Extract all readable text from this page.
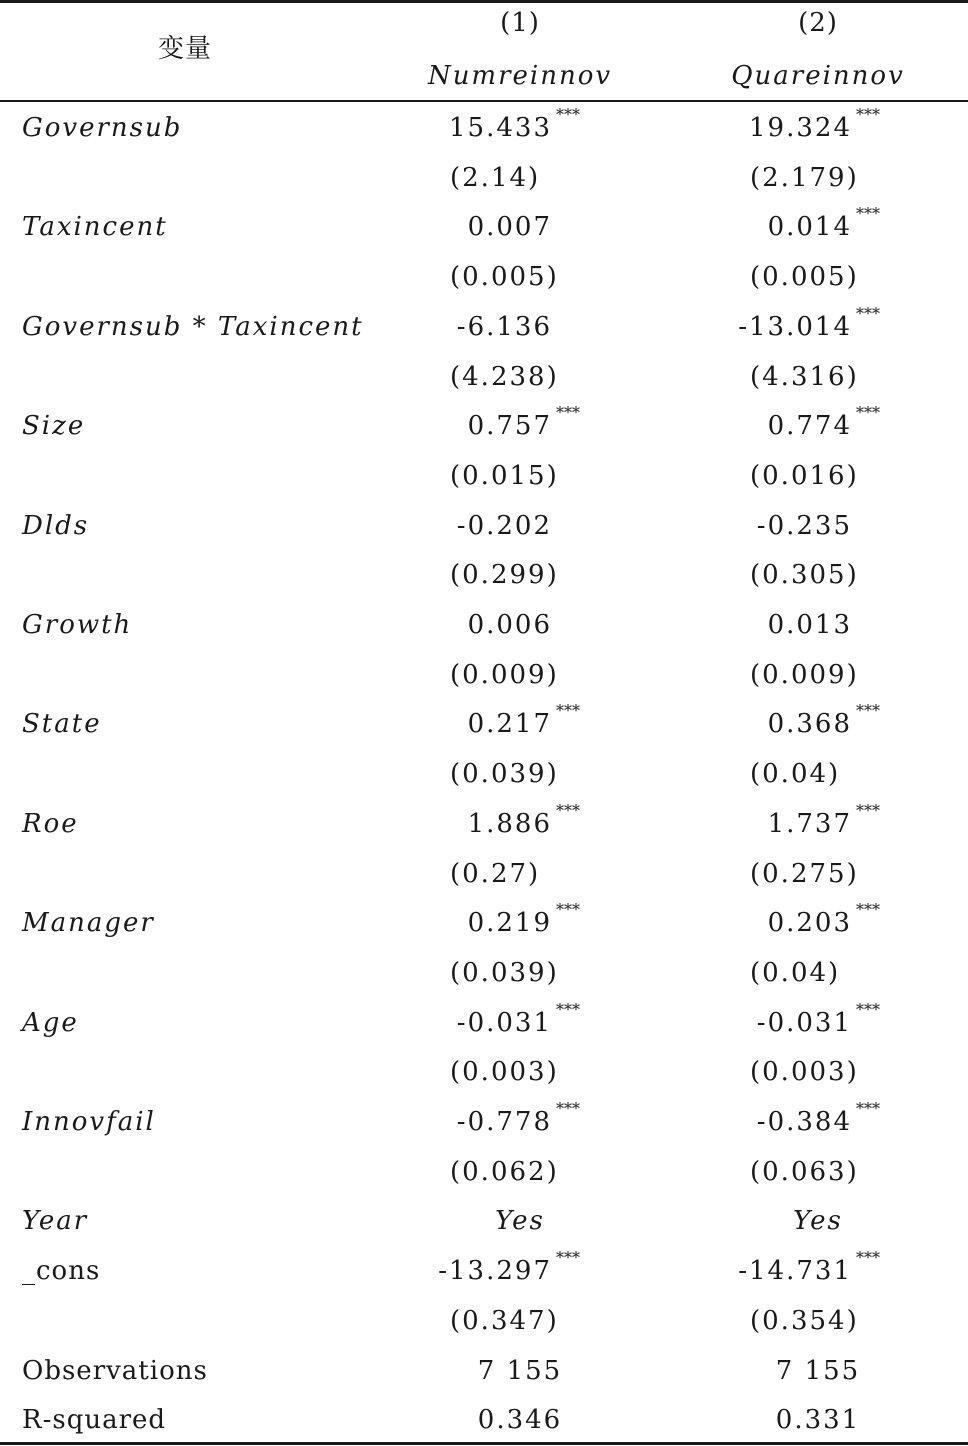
变量
(1)	(2)
Numreinnov	Quareinnov
Governsub	15.433 ***	19.324 ***
(2.14)	(2.179)
Taxincent	0.007	0.014 ***
(0.005)	(0.005)
Governsub * Taxincent	-6.136	-13.014 ***
(4.238)	(4.316)
Size	0.757 ***	0.774 ***
(0.015)	(0.016)
Dlds	-0.202	-0.235
(0.299)	(0.305)
Growth	0.006	0.013
(0.009)	(0.009)
State	0.217 ***	0.368 ***
(0.039)	(0.04)
Roe	1.886 ***	1.737 ***
(0.27)	(0.275)
Manager	0.219 ***	0.203 ***
(0.039)	(0.04)
Age	-0.031 ***	-0.031 ***
(0.003)	(0.003)
Innovfail	-0.778 ***	-0.384 ***
(0.062)	(0.063)
Year	Yes	Yes
_cons	-13.297 ***	-14.731 ***
(0.347)	(0.354)
Observations	7 155	7 155
R-squared	0.346	0.331
